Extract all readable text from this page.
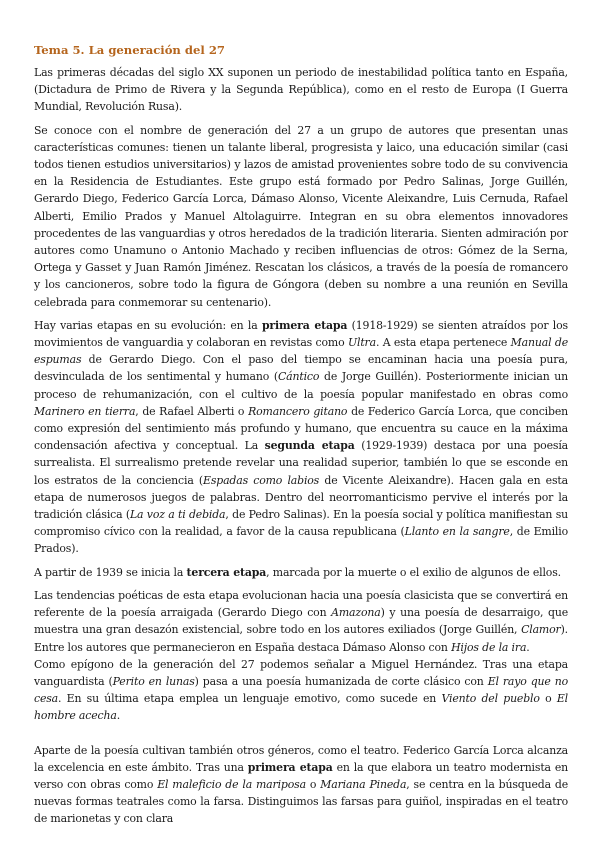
Tema 5. La generación del 27

Las primeras décadas del siglo XX suponen un periodo de inestabilidad política tanto en España, (Dictadura de Primo de Rivera y la Segunda República), como en el resto de Europa (I Guerra Mundial, Revolución Rusa).

Se conoce con el nombre de generación del 27 a un grupo de autores que presentan unas características comunes: tienen un talante liberal, progresista y laico, una educación similar (casi todos tienen estudios universitarios) y lazos de amistad provenientes sobre todo de su convivencia en la Residencia de Estudiantes. Este grupo está formado por Pedro Salinas, Jorge Guillén, Gerardo Diego, Federico García Lorca, Dámaso Alonso, Vicente Aleixandre, Luis Cernuda, Rafael Alberti, Emilio Prados y Manuel Altolaguirre. Integran en su obra elementos innovadores procedentes de las vanguardias y otros heredados de la tradición literaria. Sienten admiración por autores como Unamuno o Antonio Machado y reciben influencias de otros: Gómez de la Serna, Ortega y Gasset y Juan Ramón Jiménez. Rescatan los clásicos, a través de la poesía de romancero y los cancioneros, sobre todo la figura de Góngora (deben su nombre a una reunión en Sevilla celebrada para conmemorar su centenario).

Hay varias etapas en su evolución: en la primera etapa (1918-1929) se sienten atraídos por los movimientos de vanguardia y colaboran en revistas como Ultra. A esta etapa pertenece Manual de espumas de Gerardo Diego. Con el paso del tiempo se encaminan hacia una poesía pura, desvinculada de los sentimental y humano (Cántico de Jorge Guillén). Posteriormente inician un proceso de rehumanización, con el cultivo de la poesía popular manifestado en obras como Marinero en tierra, de Rafael Alberti o Romancero gitano de Federico García Lorca, que conciben como expresión del sentimiento más profundo y humano, que encuentra su cauce en la máxima condensación afectiva y conceptual. La segunda etapa (1929-1939) destaca por una poesía surrealista. El surrealismo pretende revelar una realidad superior, también lo que se esconde en los estratos de la conciencia (Espadas como labios de Vicente Aleixandre). Hacen gala en esta etapa de numerosos juegos de palabras. Dentro del neorromanticismo pervive el interés por la tradición clásica (La voz a ti debida, de Pedro Salinas). En la poesía social y política manifiestan su compromiso cívico con la realidad, a favor de la causa republicana (Llanto en la sangre, de Emilio Prados).

A partir de 1939 se inicia la tercera etapa, marcada por la muerte o el exilio de algunos de ellos.

Las tendencias poéticas de esta etapa evolucionan hacia una poesía clasicista que se convertirá en referente de la poesía arraigada (Gerardo Diego con Amazona) y una poesía de desarraigo, que muestra una gran desazón existencial, sobre todo en los autores exiliados (Jorge Guillén, Clamor). Entre los autores que permanecieron en España destaca Dámaso Alonso con Hijos de la ira.

Como epígono de la generación del 27 podemos señalar a Miguel Hernández. Tras una etapa vanguardista (Perito en lunas) pasa a una poesía humanizada de corte clásico con El rayo que no cesa. En su última etapa emplea un lenguaje emotivo, como sucede en Viento del pueblo o El hombre acecha.

Aparte de la poesía cultivan también otros géneros, como el teatro. Federico García Lorca alcanza la excelencia en este ámbito. Tras una primera etapa en la que elabora un teatro modernista en verso con obras como El maleficio de la mariposa o Mariana Pineda, se centra en la búsqueda de nuevas formas teatrales como la farsa. Distinguimos las farsas para guiñol, inspiradas en el teatro de marionetas y con clara
